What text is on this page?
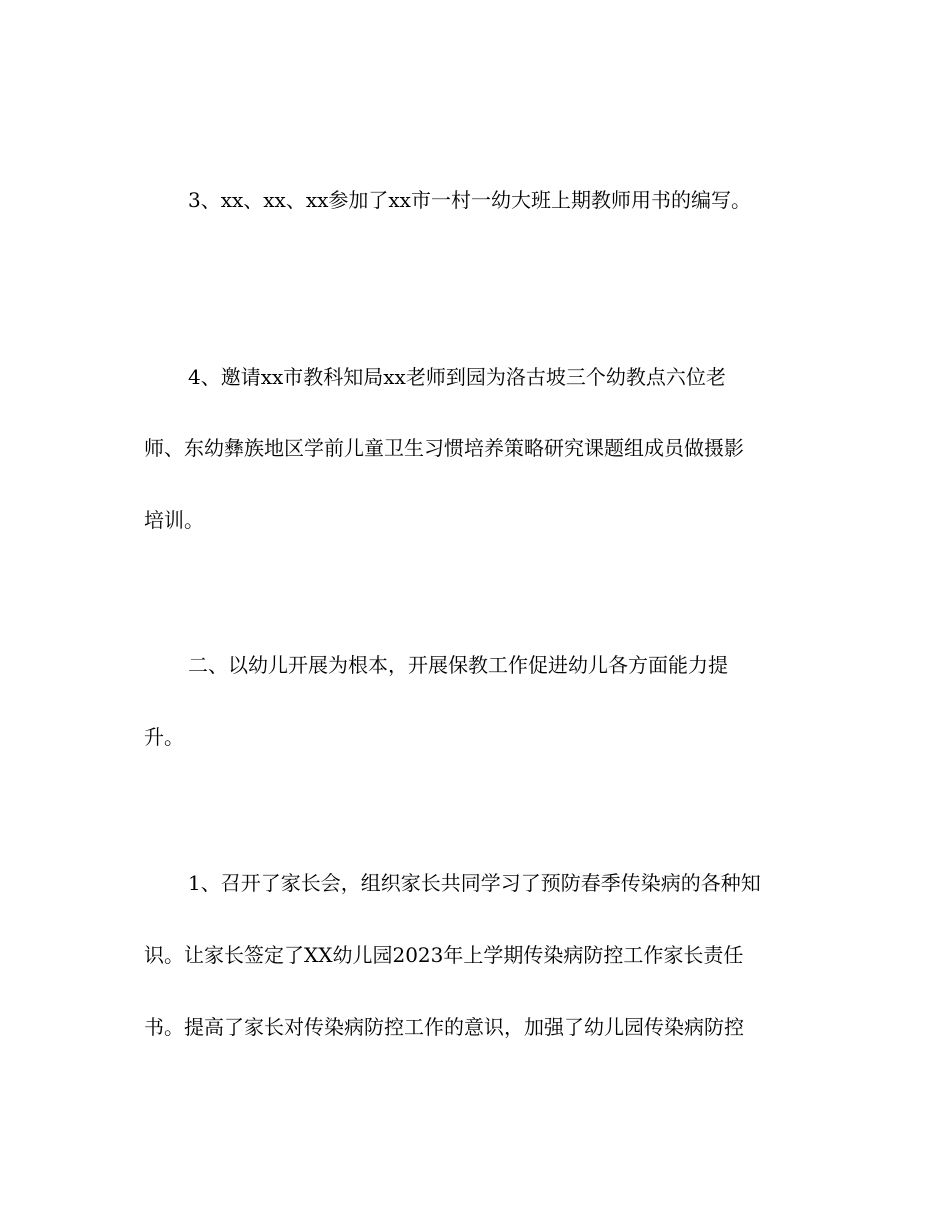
3、xx、xx、xx参加了xx市一村一幼大班上期教师用书的编写。
4、邀请xx市教科知局xx老师到园为洛古坡三个幼教点六位老
师、东幼彝族地区学前儿童卫生习惯培养策略研究课题组成员做摄影
培训。
二、以幼儿开展为根本，开展保教工作促进幼儿各方面能力提
升。
1、召开了家长会，组织家长共同学习了预防春季传染病的各种知
识。让家长签定了XX幼儿园2023年上学期传染病防控工作家长责任
书。提高了家长对传染病防控工作的意识，加强了幼儿园传染病防控
